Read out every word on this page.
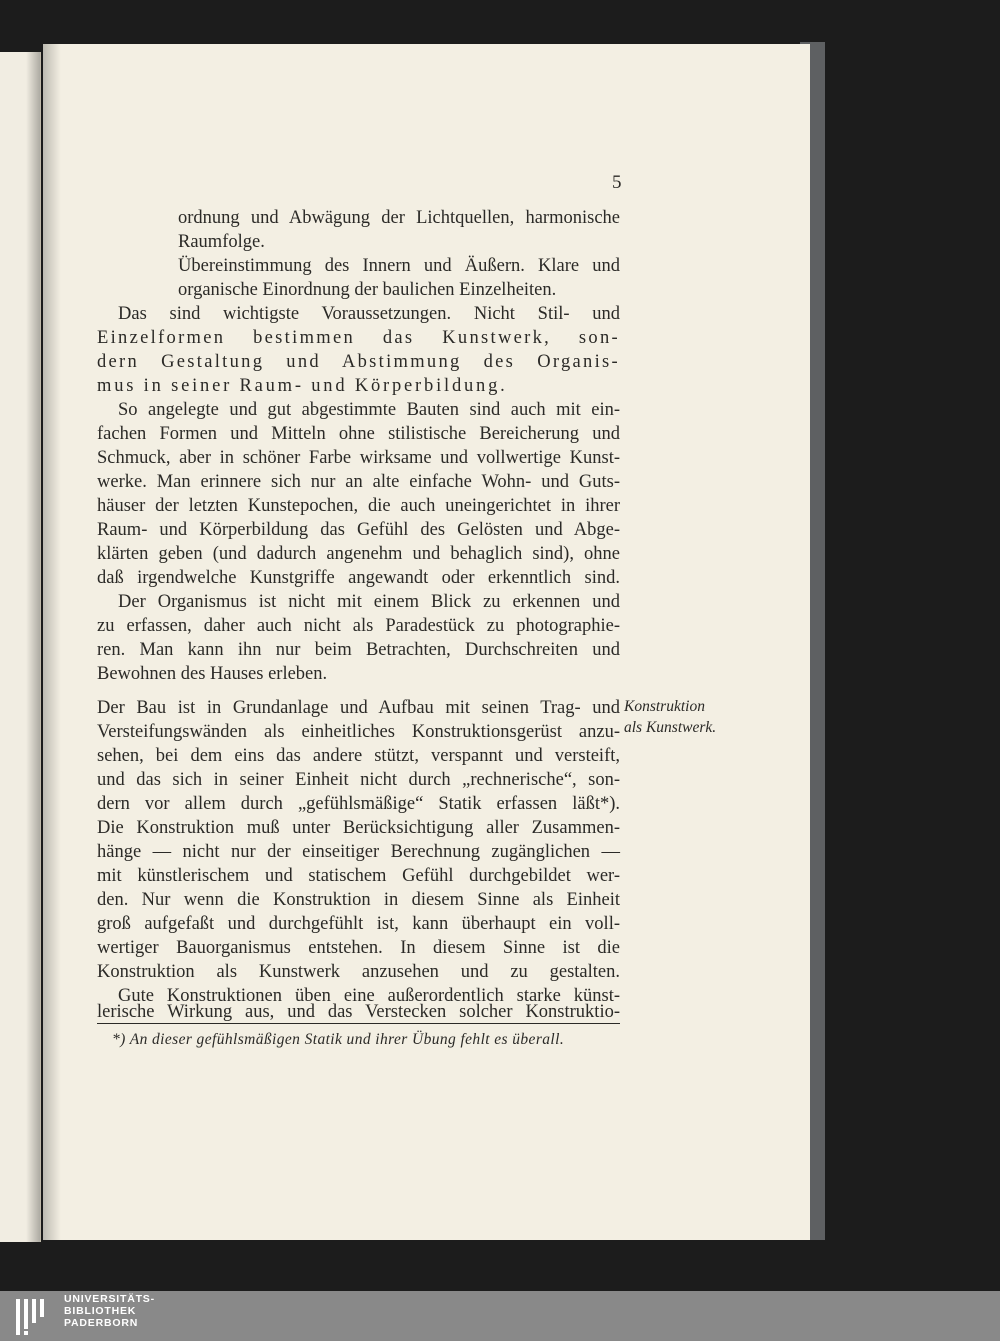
5
ordnung und Abwägung der Lichtquellen, harmonische
Raumfolge.
Übereinstimmung des Innern und Äußern. Klare und
organische Einordnung der baulichen Einzelheiten.
Das sind wichtigste Voraussetzungen. Nicht Stil- und
Einzelformen bestimmen das Kunstwerk, son-
dern Gestaltung und Abstimmung des Organis-
mus in seiner Raum- und Körperbildung.
So angelegte und gut abgestimmte Bauten sind auch mit ein-
fachen Formen und Mitteln ohne stilistische Bereicherung und
Schmuck, aber in schöner Farbe wirksame und vollwertige Kunst-
werke. Man erinnere sich nur an alte einfache Wohn- und Guts-
häuser der letzten Kunstepochen, die auch uneingerichtet in ihrer
Raum- und Körperbildung das Gefühl des Gelösten und Abge-
klärten geben (und dadurch angenehm und behaglich sind), ohne
daß irgendwelche Kunstgriffe angewandt oder erkenntlich sind.
Der Organismus ist nicht mit einem Blick zu erkennen und
zu erfassen, daher auch nicht als Paradestück zu photographie-
ren. Man kann ihn nur beim Betrachten, Durchschreiten und
Bewohnen des Hauses erleben.
Der Bau ist in Grundanlage und Aufbau mit seinen Trag- und
Versteifungswänden als einheitliches Konstruktionsgerüst anzu-
sehen, bei dem eins das andere stützt, verspannt und versteift,
und das sich in seiner Einheit nicht durch „rechnerische“, son-
dern vor allem durch „gefühlsmäßige“ Statik erfassen läßt*).
Die Konstruktion muß unter Berücksichtigung aller Zusammen-
hänge — nicht nur der einseitiger Berechnung zugänglichen —
mit künstlerischem und statischem Gefühl durchgebildet wer-
den. Nur wenn die Konstruktion in diesem Sinne als Einheit
groß aufgefaßt und durchgefühlt ist, kann überhaupt ein voll-
wertiger Bauorganismus entstehen. In diesem Sinne ist die
Konstruktion als Kunstwerk anzusehen und zu gestalten.
Gute Konstruktionen üben eine außerordentlich starke künst-
lerische Wirkung aus, und das Verstecken solcher Konstruktio-
Konstruktion
als Kunstwerk.
*) An dieser gefühlsmäßigen Statik und ihrer Übung fehlt es überall.
UNIVERSITÄTS-
BIBLIOTHEK
PADERBORN
